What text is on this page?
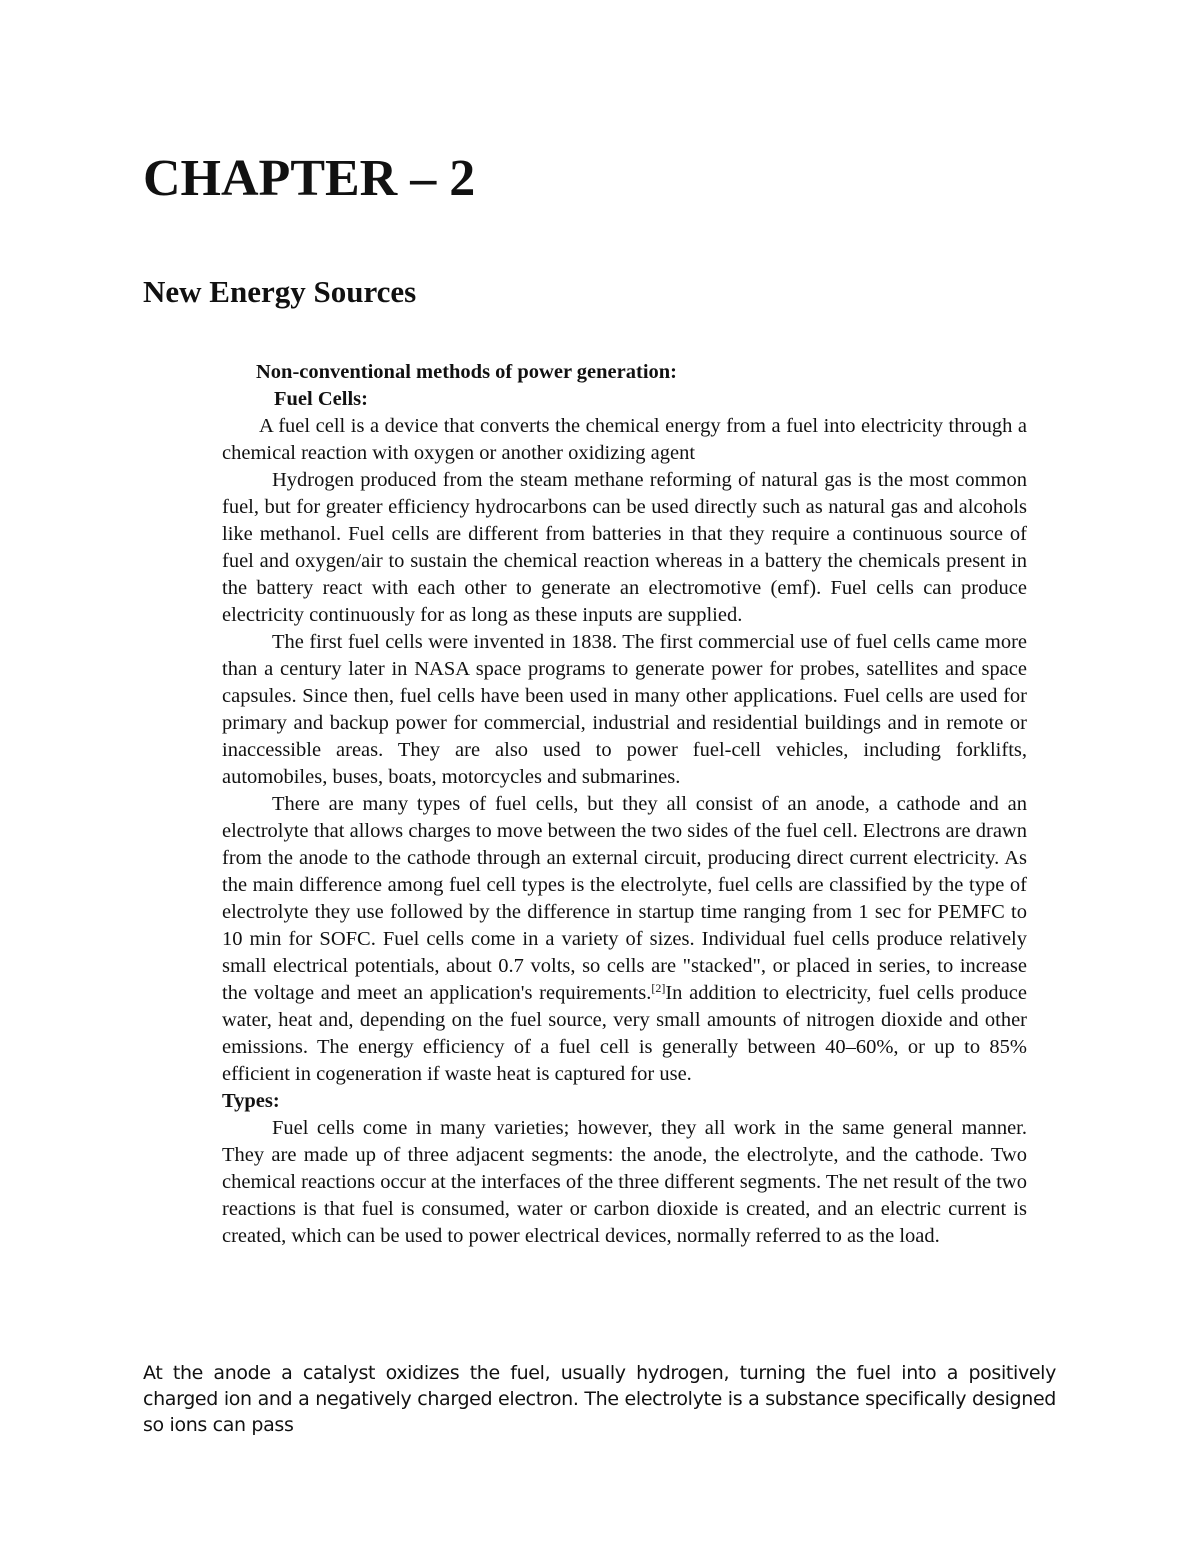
CHAPTER – 2
New Energy Sources

Non-conventional methods of power generation:

Fuel Cells:

A fuel cell is a device that converts the chemical energy from a fuel into electricity through a chemical reaction with oxygen or another oxidizing agent

Hydrogen produced from the steam methane reforming of natural gas is the most common fuel, but for greater efficiency hydrocarbons can be used directly such as natural gas and alcohols like methanol. Fuel cells are different from batteries in that they require a continuous source of fuel and oxygen/air to sustain the chemical reaction whereas in a battery the chemicals present in the battery react with each other to generate an electromotive (emf). Fuel cells can produce electricity continuously for as long as these inputs are supplied.

The first fuel cells were invented in 1838. The first commercial use of fuel cells came more than a century later in NASA space programs to generate power for probes, satellites and space capsules. Since then, fuel cells have been used in many other applications. Fuel cells are used for primary and backup power for commercial, industrial and residential buildings and in remote or inaccessible areas. They are also used to power fuel-cell vehicles, including forklifts, automobiles, buses, boats, motorcycles and submarines.

There are many types of fuel cells, but they all consist of an anode, a cathode and an electrolyte that allows charges to move between the two sides of the fuel cell. Electrons are drawn from the anode to the cathode through an external circuit, producing direct current electricity. As the main difference among fuel cell types is the electrolyte, fuel cells are classified by the type of electrolyte they use followed by the difference in startup time ranging from 1 sec for PEMFC to 10 min for SOFC. Fuel cells come in a variety of sizes. Individual fuel cells produce relatively small electrical potentials, about 0.7 volts, so cells are "stacked", or placed in series, to increase the voltage and meet an application's requirements.[2]In addition to electricity, fuel cells produce water, heat and, depending on the fuel source, very small amounts of nitrogen dioxide and other emissions. The energy efficiency of a fuel cell is generally between 40–60%, or up to 85% efficient in cogeneration if waste heat is captured for use.

Types:

Fuel cells come in many varieties; however, they all work in the same general manner. They are made up of three adjacent segments: the anode, the electrolyte, and the cathode. Two chemical reactions occur at the interfaces of the three different segments. The net result of the two reactions is that fuel is consumed, water or carbon dioxide is created, and an electric current is created, which can be used to power electrical devices, normally referred to as the load.

At the anode a catalyst oxidizes the fuel, usually hydrogen, turning the fuel into a positively charged ion and a negatively charged electron. The electrolyte is a substance specifically designed so ions can pass
